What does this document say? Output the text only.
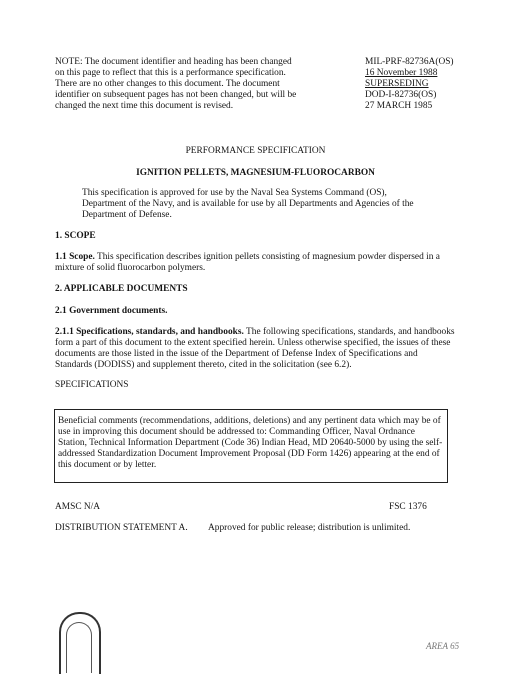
NOTE: The document identifier and heading has been changed on this page to reflect that this is a performance specification. There are no other changes to this document. The document identifier on subsequent pages has not been changed, but will be changed the next time this document is revised.
MIL-PRF-82736A(OS)
16 November 1988
SUPERSEDING
DOD-I-82736(OS)
27 MARCH 1985
PERFORMANCE SPECIFICATION
IGNITION PELLETS, MAGNESIUM-FLUOROCARBON
This specification is approved for use by the Naval Sea Systems Command (OS), Department of the Navy, and is available for use by all Departments and Agencies of the Department of Defense.
1. SCOPE
1.1 Scope. This specification describes ignition pellets consisting of magnesium powder dispersed in a mixture of solid fluorocarbon polymers.
2. APPLICABLE DOCUMENTS
2.1 Government documents.
2.1.1 Specifications, standards, and handbooks. The following specifications, standards, and handbooks form a part of this document to the extent specified herein. Unless otherwise specified, the issues of these documents are those listed in the issue of the Department of Defense Index of Specifications and Standards (DODISS) and supplement thereto, cited in the solicitation (see 6.2).
SPECIFICATIONS
Beneficial comments (recommendations, additions, deletions) and any pertinent data which may be of use in improving this document should be addressed to: Commanding Officer, Naval Ordnance Station, Technical Information Department (Code 36) Indian Head, MD 20640-5000 by using the self-addressed Standardization Document Improvement Proposal (DD Form 1426) appearing at the end of this document or by letter.
AMSC N/A	FSC 1376
DISTRIBUTION STATEMENT A. Approved for public release; distribution is unlimited.
AREA 65
